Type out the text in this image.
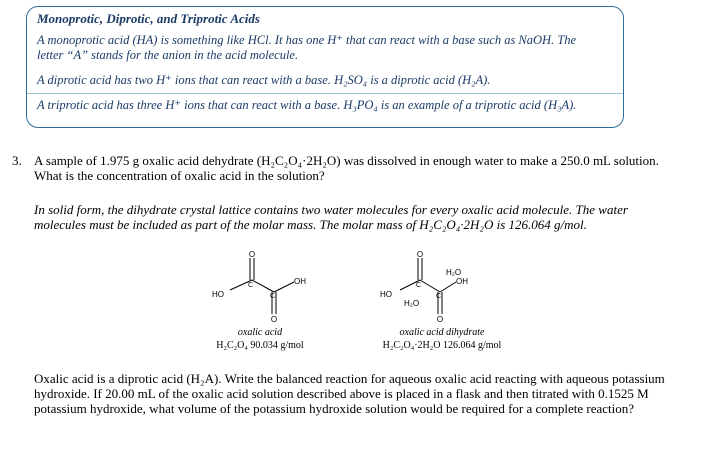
Monoprotic, Diprotic, and Triprotic Acids

A monoprotic acid (HA) is something like HCl. It has one H⁺ that can react with a base such as NaOH. The

letter “A” stands for the anion in the acid molecule.

A diprotic acid has two H⁺ ions that can react with a base. H₂SO₄ is a diprotic acid (H₂A).

A triprotic acid has three H⁺ ions that can react with a base. H₃PO₄ is an example of a triprotic acid (H₃A).

3. A sample of 1.975 g oxalic acid dehydrate (H₂C₂O₄·2H₂O) was dissolved in enough water to make a 250.0 mL solution.
What is the concentration of oxalic acid in the solution?
In solid form, the dihydrate crystal lattice contains two water molecules for every oxalic acid molecule. The water
molecules must be included as part of the molar mass. The molar mass of H₂C₂O₄·2H₂O is 126.064 g/mol.
O
O
C
C
OH
HO
O
O
C
C
H₂O
H₂O
OH
HO
oxalic acid
H₂C₂O₄ 90.034 g/mol
oxalic acid dihydrate
H₂C₂O₄·2H₂O 126.064 g/mol
Oxalic acid is a diprotic acid (H₂A). Write the balanced reaction for aqueous oxalic acid reacting with aqueous potassium
hydroxide. If 20.00 mL of the oxalic acid solution described above is placed in a flask and then titrated with 0.1525 M
potassium hydroxide, what volume of the potassium hydroxide solution would be required for a complete reaction?
